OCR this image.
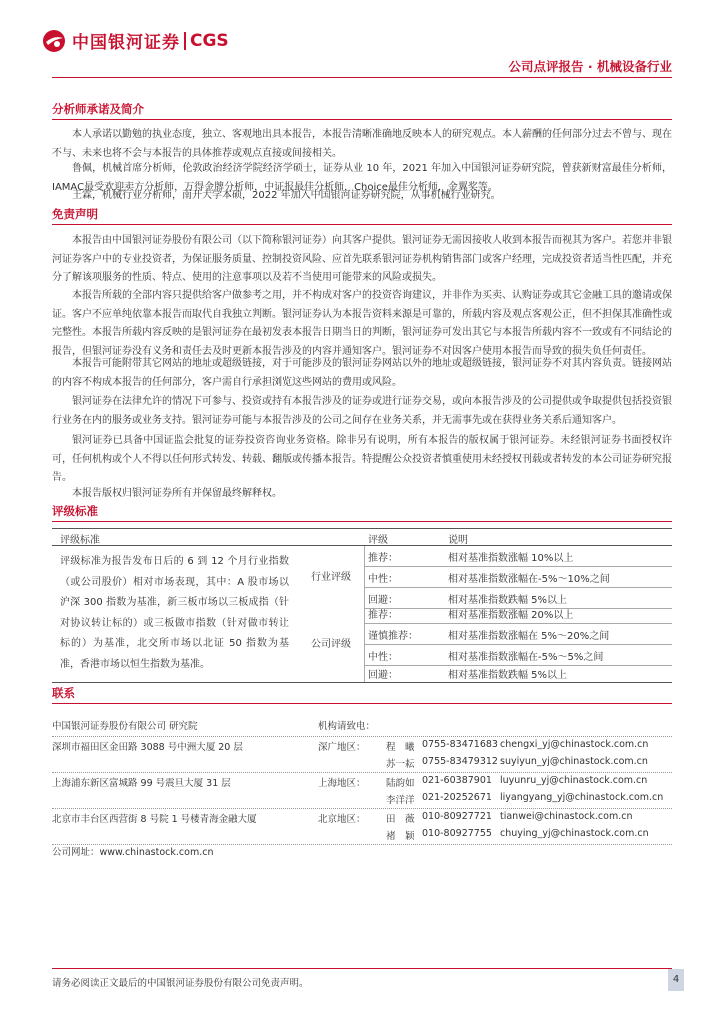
中国银河证券 CGS
公司点评报告 · 机械设备行业
分析师承诺及简介
本人承诺以勤勉的执业态度，独立、客观地出具本报告，本报告清晰准确地反映本人的研究观点。本人薪酬的任何部分过去不曾与、现在不与、未来也将不会与本报告的具体推荐或观点直接或间接相关。
鲁佩，机械首席分析师，伦敦政治经济学院经济学硕士，证券从业 10 年，2021 年加入中国银河证券研究院，曾获新财富最佳分析师，IAMAC最受欢迎卖方分析师，万得金牌分析师，中证报最佳分析师，Choice最佳分析师，金翼奖等。
王霖，机械行业分析师，南开大学本硕，2022 年加入中国银河证券研究院，从事机械行业研究。
免责声明
本报告由中国银河证券股份有限公司（以下简称银河证券）向其客户提供。银河证券无需因接收人收到本报告而视其为客户。若您并非银河证券客户中的专业投资者，为保证服务质量、控制投资风险、应首先联系银河证券机构销售部门或客户经理，完成投资者适当性匹配，并充分了解该项服务的性质、特点、使用的注意事项以及若不当使用可能带来的风险或损失。
本报告所载的全部内容只提供给客户做参考之用，并不构成对客户的投资咨询建议，并非作为买卖、认购证券或其它金融工具的邀请或保证。客户不应单纯依靠本报告而取代自我独立判断。银河证券认为本报告资料来源是可靠的，所载内容及观点客观公正，但不担保其准确性或完整性。本报告所载内容反映的是银河证券在最初发表本报告日期当日的判断，银河证券可发出其它与本报告所载内容不一致或有不同结论的报告，但银河证券没有义务和责任去及时更新本报告涉及的内容并通知客户。银河证券不对因客户使用本报告而导致的损失负任何责任。
本报告可能附带其它网站的地址或超级链接，对于可能涉及的银河证券网站以外的地址或超级链接，银河证券不对其内容负责。链接网站的内容不构成本报告的任何部分，客户需自行承担浏览这些网站的费用或风险。
银河证券在法律允许的情况下可参与、投资或持有本报告涉及的证券或进行证券交易，或向本报告涉及的公司提供或争取提供包括投资银行业务在内的服务或业务支持。银河证券可能与本报告涉及的公司之间存在业务关系，并无需事先或在获得业务关系后通知客户。
银河证券已具备中国证监会批复的证券投资咨询业务资格。除非另有说明，所有本报告的版权属于银河证券。未经银河证券书面授权许可，任何机构或个人不得以任何形式转发、转载、翻版或传播本报告。特提醒公众投资者慎重使用未经授权刊载或者转发的本公司证券研究报告。
本报告版权归银河证券所有并保留最终解释权。
评级标准
评级标准	评级	说明
评级标准为报告发布日后的 6 到 12 个月行业指数（或公司股价）相对市场表现，其中：A 股市场以沪深 300 指数为基准，新三板市场以三板成指（针对协议转让标的）或三板做市指数（针对做市转让标的）为基准，北交所市场以北证 50 指数为基准，香港市场以恒生指数为基准。
行业评级
推荐：	相对基准指数涨幅 10%以上
中性：	相对基准指数涨幅在-5%～10%之间
回避：	相对基准指数跌幅 5%以上
公司评级
推荐：	相对基准指数涨幅 20%以上
谨慎推荐：	相对基准指数涨幅在 5%～20%之间
中性：	相对基准指数涨幅在-5%～5%之间
回避：	相对基准指数跌幅 5%以上
联系
中国银河证券股份有限公司 研究院	机构请致电：
深圳市福田区金田路 3088 号中洲大厦 20 层	深广地区： 程　曦 0755-83471683 chengxi_yj@chinastock.com.cn
苏一耘 0755-83479312 suyiyun_yj@chinastock.com.cn
上海浦东新区富城路 99 号震旦大厦 31 层	上海地区： 陆韵如 021-60387901 luyunru_yj@chinastock.com.cn
李洋洋 021-20252671 liyangyang_yj@chinastock.com.cn
北京市丰台区西营街 8 号院 1 号楼青海金融大厦	北京地区： 田　薇 010-80927721 tianwei@chinastock.com.cn
褚　颖 010-80927755 chuying_yj@chinastock.com.cn
公司网址：www.chinastock.com.cn
请务必阅读正文最后的中国银河证券股份有限公司免责声明。	4
